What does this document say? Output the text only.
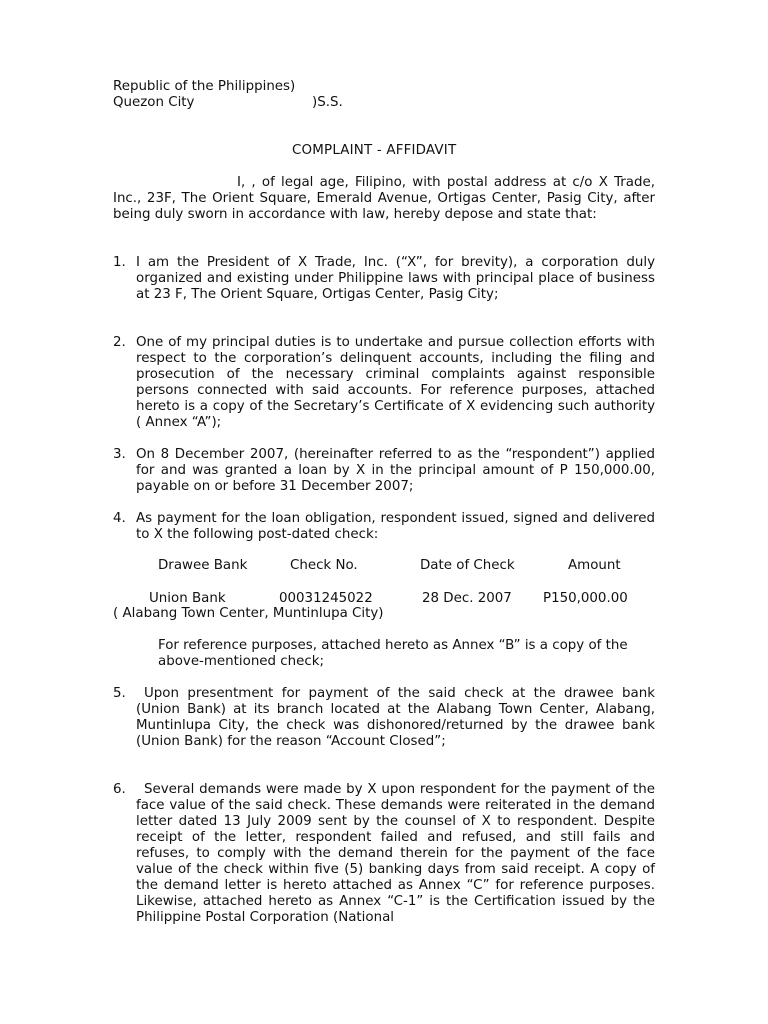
Republic of the Philippines)
Quezon City	)S.S.
COMPLAINT - AFFIDAVIT
I, , of legal age, Filipino, with postal address at c/o X Trade, Inc., 23F, The Orient Square, Emerald Avenue, Ortigas Center, Pasig City, after being duly sworn in accordance with law, hereby depose and state that:
1. I am the President of X Trade, Inc. (“X”, for brevity), a corporation duly organized and existing under Philippine laws with principal place of business at 23 F, The Orient Square, Ortigas Center, Pasig City;
2. One of my principal duties is to undertake and pursue collection efforts with respect to the corporation’s delinquent accounts, including the filing and prosecution of the necessary criminal complaints against responsible persons connected with said accounts. For reference purposes, attached hereto is a copy of the Secretary’s Certificate of X evidencing such authority ( Annex “A”);
3. On 8 December 2007, (hereinafter referred to as the “respondent”) applied for and was granted a loan by X in the principal amount of P 150,000.00, payable on or before 31 December 2007;
4. As payment for the loan obligation, respondent issued, signed and delivered to X the following post-dated check:
Drawee Bank	Check No.	Date of Check	Amount
Union Bank	00031245022	28 Dec. 2007 P150,000.00
( Alabang Town Center, Muntinlupa City)
For reference purposes, attached hereto as Annex “B” is a copy of the above-mentioned check;
5.	Upon presentment for payment of the said check at the drawee bank (Union Bank) at its branch located at the Alabang Town Center, Alabang, Muntinlupa City, the check was dishonored/returned by the drawee bank (Union Bank) for the reason “Account Closed”;
6.	Several demands were made by X upon respondent for the payment of the face value of the said check. These demands were reiterated in the demand letter dated 13 July 2009 sent by the counsel of X to respondent. Despite receipt of the letter, respondent failed and refused, and still fails and refuses, to comply with the demand therein for the payment of the face value of the check within five (5) banking days from said receipt. A copy of the demand letter is hereto attached as Annex “C” for reference purposes. Likewise, attached hereto as Annex “C-1” is the Certification issued by the Philippine Postal Corporation (National
